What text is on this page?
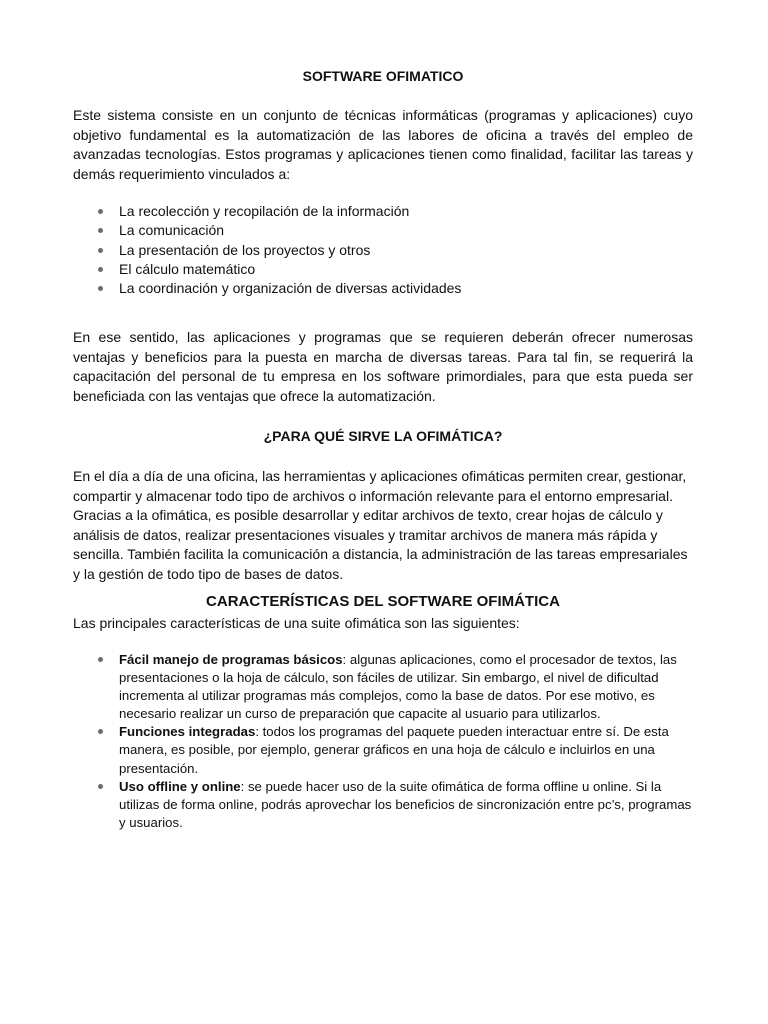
SOFTWARE OFIMATICO

Este sistema consiste en un conjunto de técnicas informáticas (programas y aplicaciones) cuyo objetivo fundamental es la automatización de las labores de oficina a través del empleo de avanzadas tecnologías. Estos programas y aplicaciones tienen como finalidad, facilitar las tareas y demás requerimiento vinculados a:

La recolección y recopilación de la información
La comunicación
La presentación de los proyectos y otros
El cálculo matemático
La coordinación y organización de diversas actividades

En ese sentido, las aplicaciones y programas que se requieren deberán ofrecer numerosas ventajas y beneficios para la puesta en marcha de diversas tareas. Para tal fin, se requerirá la capacitación del personal de tu empresa en los software primordiales, para que esta pueda ser beneficiada con las ventajas que ofrece la automatización.

¿PARA QUÉ SIRVE LA OFIMÁTICA?

En el día a día de una oficina, las herramientas y aplicaciones ofimáticas permiten crear, gestionar, compartir y almacenar todo tipo de archivos o información relevante para el entorno empresarial. Gracias a la ofimática, es posible desarrollar y editar archivos de texto, crear hojas de cálculo y análisis de datos, realizar presentaciones visuales y tramitar archivos de manera más rápida y sencilla. También facilita la comunicación a distancia, la administración de las tareas empresariales y la gestión de todo tipo de bases de datos.

CARACTERÍSTICAS DEL SOFTWARE OFIMÁTICA

Las principales características de una suite ofimática son las siguientes:

Fácil manejo de programas básicos: algunas aplicaciones, como el procesador de textos, las presentaciones o la hoja de cálculo, son fáciles de utilizar. Sin embargo, el nivel de dificultad incrementa al utilizar programas más complejos, como la base de datos. Por ese motivo, es necesario realizar un curso de preparación que capacite al usuario para utilizarlos.
Funciones integradas: todos los programas del paquete pueden interactuar entre sí. De esta manera, es posible, por ejemplo, generar gráficos en una hoja de cálculo e incluirlos en una presentación.
Uso offline y online: se puede hacer uso de la suite ofimática de forma offline u online. Si la utilizas de forma online, podrás aprovechar los beneficios de sincronización entre pc’s, programas y usuarios.
